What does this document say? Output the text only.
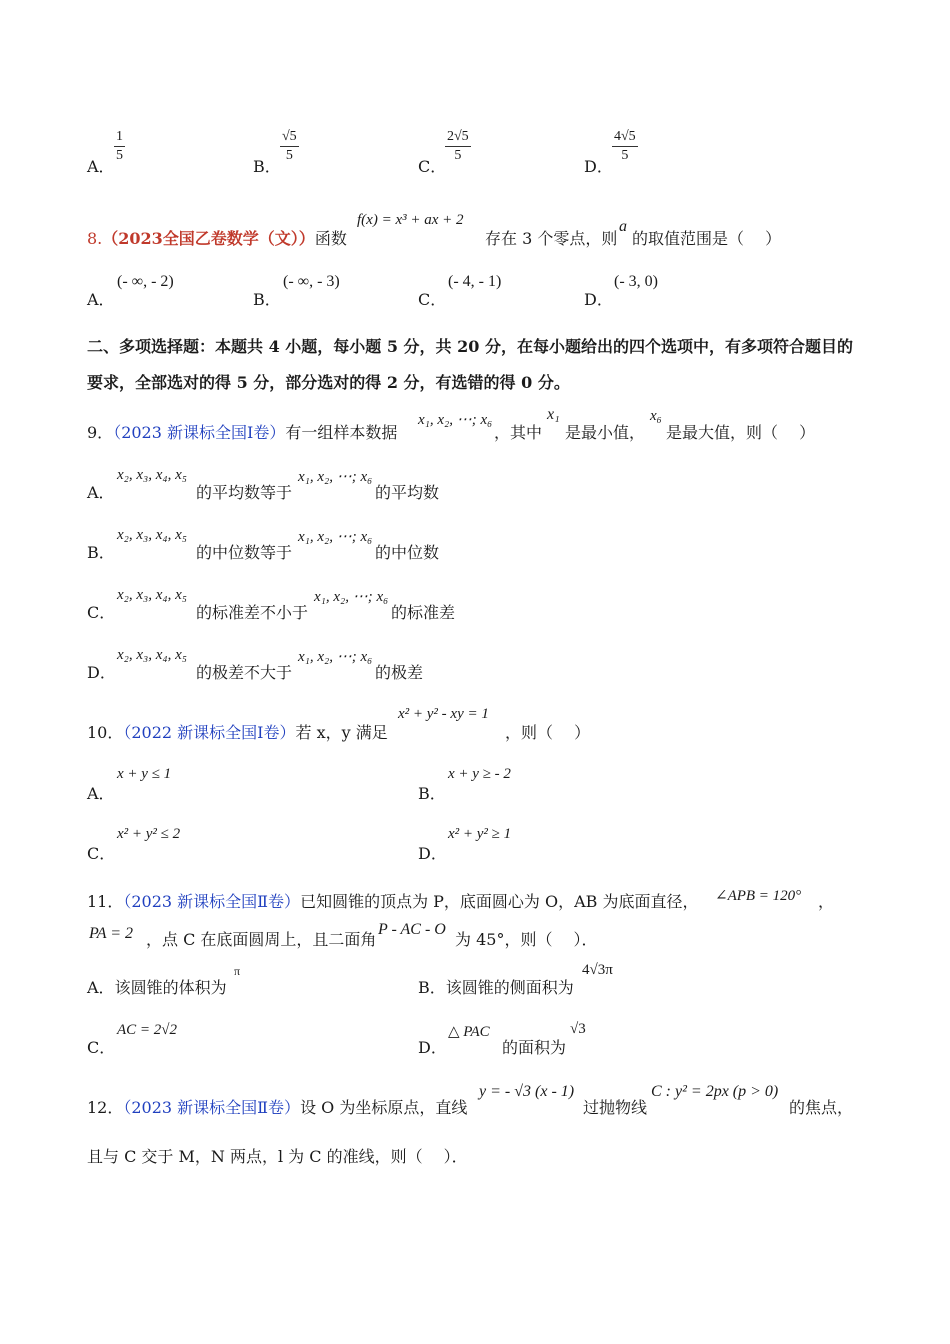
A．
$\frac{1}{5}$
B．
$\frac{√5}{5}$
C．
$\frac{2√5}{5}$
D．
$\frac{4√5}{5}$
8.（2023全国乙卷数学（文））函数
f(x) = x³ + ax + 2
存在 3 个零点，则
a
的取值范围是（　 ）
A．
(- ∞, - 2)
B．
(- ∞, - 3)
C．
(- 4, - 1)
D．
(- 3, 0)
二、多项选择题：本题共 4 小题，每小题 5 分，共 20 分，在每小题给出的四个选项中，有多项符合题目的
要求，全部选对的得 5 分，部分选对的得 2 分，有选错的得 0 分。
9．（2023 新课标全国Ⅰ卷）有一组样本数据
x₁, x₂, ⋯; x₆
，其中
x₁
是最小值，
x₆
是最大值，则（　 ）
A．
x₂, x₃, x₄, x₅
的平均数等于
x₁, x₂, ⋯; x₆
的平均数
B．
x₂, x₃, x₄, x₅
的中位数等于
x₁, x₂, ⋯; x₆
的中位数
C．
x₂, x₃, x₄, x₅
的标准差不小于
x₁, x₂, ⋯; x₆
的标准差
D．
x₂, x₃, x₄, x₅
的极差不大于
x₁, x₂, ⋯; x₆
的极差
10．（2022 新课标全国Ⅰ卷）若 x，y 满足
x² + y² - xy = 1
，则（　 ）
A．
x + y ≤ 1
B．
x + y ≥ - 2
C．
x² + y² ≤ 2
D．
x² + y² ≥ 1
11．（2023 新课标全国Ⅱ卷）已知圆锥的顶点为 P，底面圆心为 O，AB 为底面直径， ∠APB = 120° ，
PA = 2 ，点 C 在底面圆周上，且二面角
P - AC - O
为 45°，则（　 ）．
A．该圆锥的体积为
π
B．该圆锥的侧面积为
4√3π
C．
AC = 2√2
D．
△ PAC
的面积为
√3
12．（2023 新课标全国Ⅱ卷）设 O 为坐标原点，直线
y = - √3 (x - 1)
过抛物线
C : y² = 2px (p > 0)
的焦点，
且与 C 交于 M，N 两点，l 为 C 的准线，则（　 ）．
